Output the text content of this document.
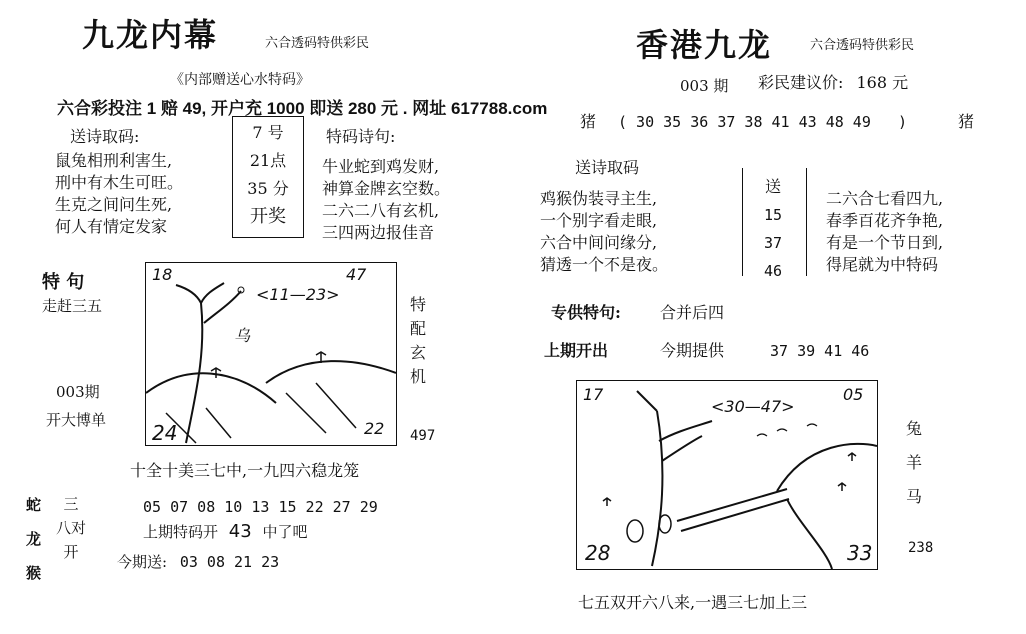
九龙内幕	六合透码特供彩民
《内部赠送心水特码》
六合彩投注 1 赔 49, 开户充 1000 即送 280 元 . 网址 617788.com
送诗取码:
鼠兔相刑利害生,
刑中有木生可旺。
生克之间问生死,
何人有情定发家
7 号
21点
35 分
开奖
特码诗句:
牛业蛇到鸡发财,
神算金牌玄空数。
二六二八有玄机,
三四两边报佳音
特 句
走赶三五
003期
开大博单
18	47
24	22
<11—23>
乌
特
配
玄
机
497
十全十美三七中,一九四六稳龙笼
蛇
龙
猴
三
八对
开
05 07 08 10 13 15 22 27 29
上期特码开 43 中了吧
今期送: 03 08 21 23
香港九龙	六合透码特供彩民
003 期 彩民建议价: 168 元
猪 ( 30 35 36 37 38 41 43 48 49   )	猪
送诗取码
鸡猴伪装寻主生,
一个别字看走眼,
六合中间问缘分,
猜透一个不是夜。
送
15
37
46
二六合七看四九,
春季百花齐争艳,
有是一个节日到,
得尾就为中特码
专供特句: 合并后四
上期开出	今期提供	37 39 41 46
17	05
28	33
<30—47>
兔
羊
马
238
七五双开六八来,一遇三七加上三
